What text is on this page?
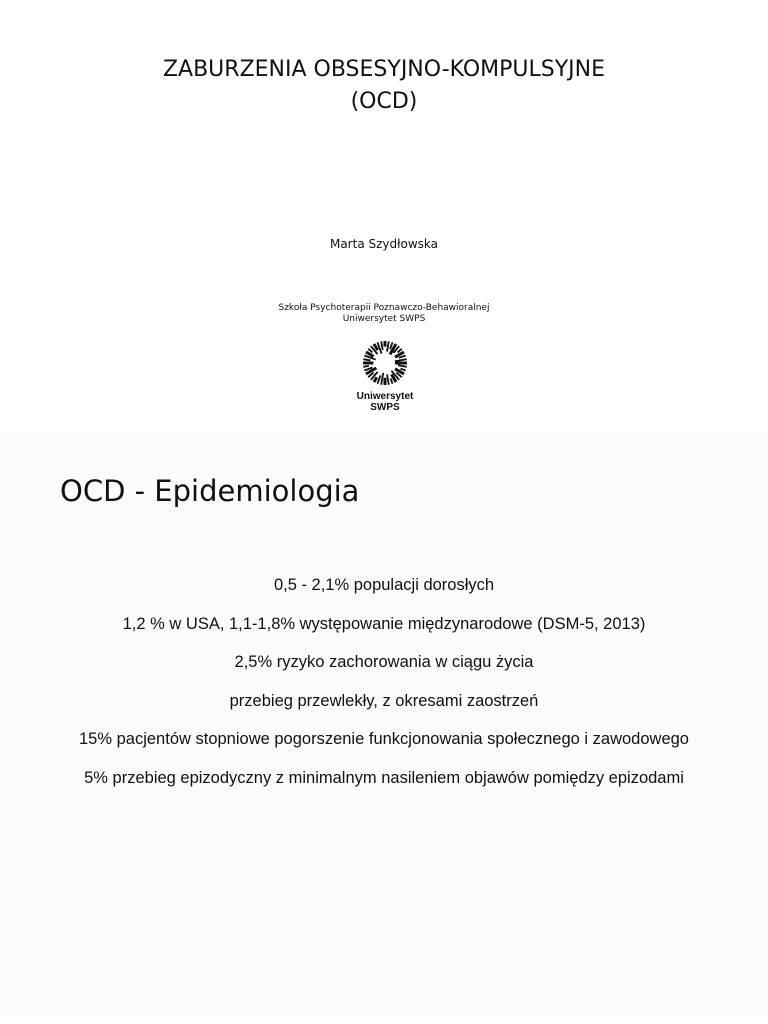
ZABURZENIA OBSESYJNO-KOMPULSYJNE
(OCD)
Marta Szydłowska
Szkoła Psychoterapii Poznawczo-Behawioralnej
Uniwersytet SWPS
Uniwersytet
SWPS
OCD - Epidemiologia
0,5 - 2,1% populacji dorosłych
1,2 % w USA, 1,1-1,8% występowanie międzynarodowe (DSM-5, 2013)
2,5% ryzyko zachorowania w ciągu życia
przebieg przewlekły, z okresami zaostrzeń
15% pacjentów stopniowe pogorszenie funkcjonowania społecznego i zawodowego
5% przebieg epizodyczny z minimalnym nasileniem objawów pomiędzy epizodami
